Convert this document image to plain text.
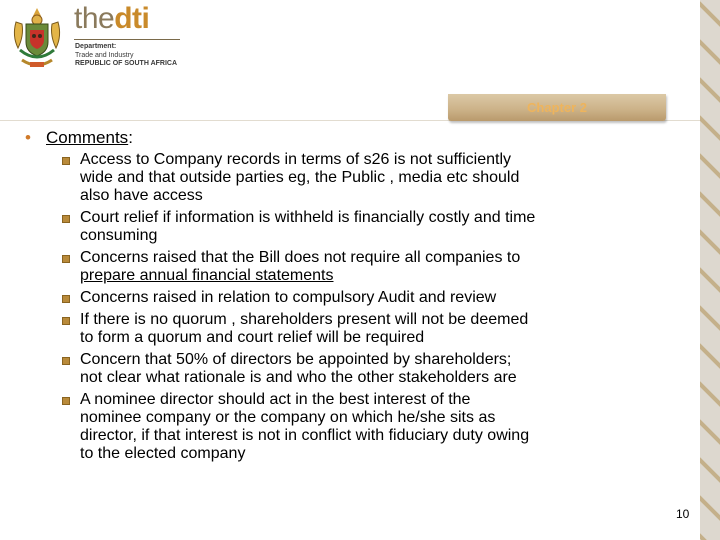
thedti
Department:
Trade and Industry
REPUBLIC OF SOUTH AFRICA
Chapter 2
• Comments:
Access to Company records in terms of s26 is not sufficiently
wide and that outside parties eg, the Public , media etc should
also have access
Court relief if information is withheld is financially costly and time
consuming
Concerns raised that the Bill does not require all companies to
prepare annual financial statements
Concerns raised in relation to compulsory Audit and review
If there is no quorum , shareholders present will not be deemed
to form a quorum and court relief will be required
Concern that 50% of directors be appointed by shareholders;
not clear what rationale is and who the other stakeholders are
A nominee director should act in the best interest of the
nominee company or the company on which he/she sits as
director, if that interest is not in conflict with fiduciary duty owing
to the elected company
10
